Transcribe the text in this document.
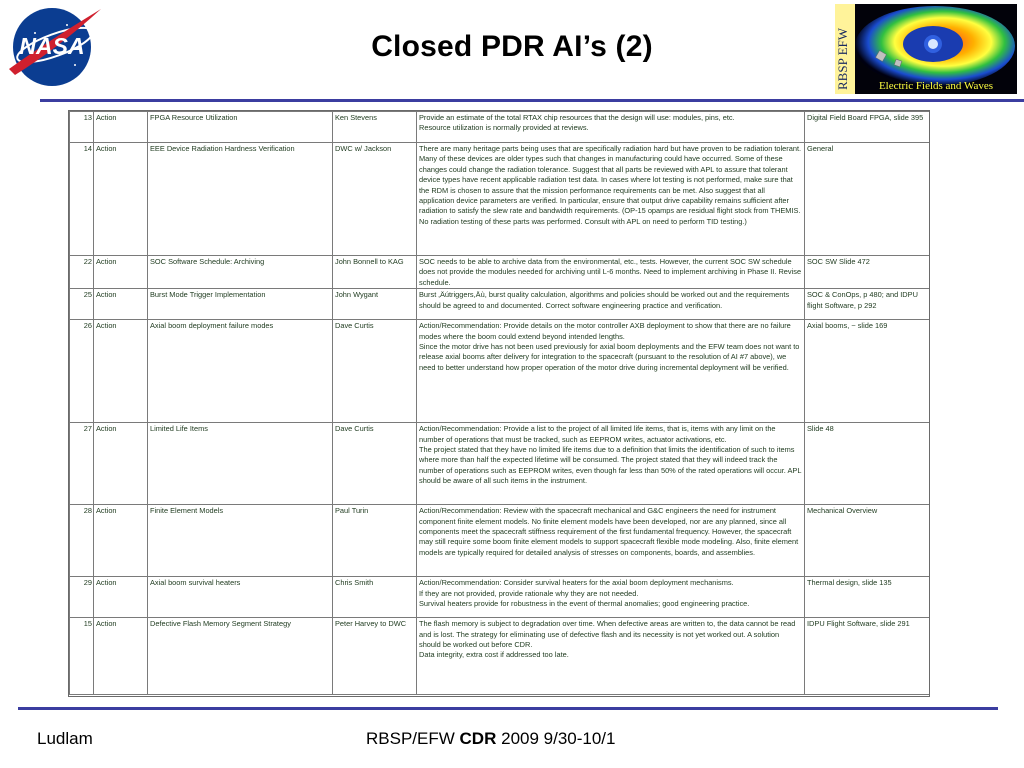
NASA	Closed PDR AI’s (2)	RBSP EFW	Electric Fields and Waves
13	Action	FPGA Resource Utilization	Ken Stevens	Provide an estimate of the total RTAX chip resources that the design will use: modules, pins, etc.
Resource utilization is normally provided at reviews.	Digital Field Board FPGA, slide 395
14	Action	EEE Device Radiation Hardness Verification	DWC w/ Jackson	There are many heritage parts being uses that are specifically radiation hard but have proven to be radiation tolerant. Many of these devices are older types such that changes in manufacturing could have occurred. Some of these changes could change the radiation tolerance. Suggest that all parts be reviewed with APL to assure that tolerant device types have recent applicable radiation test data. In cases where lot testing is not performed, make sure that the RDM is chosen to assure that the mission performance requirements can be met. Also suggest that all application device parameters are verified. In particular, ensure that output drive capability remains sufficient after radiation to satisfy the slew rate and bandwidth requirements. (OP-15 opamps are residual flight stock from THEMIS. No radiation testing of these parts was performed. Consult with APL on need to perform TID testing.)	General
22	Action	SOC Software Schedule: Archiving	John Bonnell to KAG	SOC needs to be able to archive data from the environmental, etc., tests. However, the current SOC SW schedule does not provide the modules needed for archiving until L-6 months. Need to implement archiving in Phase II. Revise schedule.	SOC SW Slide 472
25	Action	Burst Mode Trigger Implementation	John Wygant	Burst ‚Äútriggers,Äù, burst quality calculation, algorithms and policies should be worked out and the requirements should be agreed to and documented. Correct software engineering practice and verification.	SOC & ConOps, p 480; and IDPU flight Software, p 292
26	Action	Axial boom deployment failure modes	Dave Curtis	Action/Recommendation: Provide details on the motor controller AXB deployment to show that there are no failure modes where the boom could extend beyond intended lengths.
Since the motor drive has not been used previously for axial boom deployments and the EFW team does not want to release axial booms after delivery for integration to the spacecraft (pursuant to the resolution of AI #7 above), we need to better understand how proper operation of the motor drive during incremental deployment will be verified.	Axial booms, ~ slide 169
27	Action	Limited Life Items	Dave Curtis	Action/Recommendation: Provide a list to the project of all limited life items, that is, items with any limit on the number of operations that must be tracked, such as EEPROM writes, actuator activations, etc.
The project stated that they have no limited life items due to a definition that limits the identification of such to items where more than half the expected lifetime will be consumed. The project stated that they will indeed track the number of operations such as EEPROM writes, even though far less than 50% of the rated operations will occur. APL should be aware of all such items in the instrument.	Slide 48
28	Action	Finite Element Models	Paul Turin	Action/Recommendation: Review with the spacecraft mechanical and G&C engineers the need for instrument component finite element models. No finite element models have been developed, nor are any planned, since all components meet the spacecraft stiffness requirement of the first fundamental frequency. However, the spacecraft may still require some boom finite element models to support spacecraft flexible mode modeling. Also, finite element models are typically required for detailed analysis of stresses on components, boards, and assemblies.	Mechanical Overview
29	Action	Axial boom survival heaters	Chris Smith	Action/Recommendation: Consider survival heaters for the axial boom deployment mechanisms.
If they are not provided, provide rationale why they are not needed.
Survival heaters provide for robustness in the event of thermal anomalies; good engineering practice.	Thermal design, slide 135
15	Action	Defective Flash Memory Segment Strategy	Peter Harvey to DWC	The flash memory is subject to degradation over time. When defective areas are written to, the data cannot be read and is lost. The strategy for eliminating use of defective flash and its necessity is not yet worked out. A solution should be worked out before CDR.
Data integrity, extra cost if addressed too late.	IDPU Flight Software, slide 291
Ludlam	RBSP/EFW CDR 2009 9/30-10/1
